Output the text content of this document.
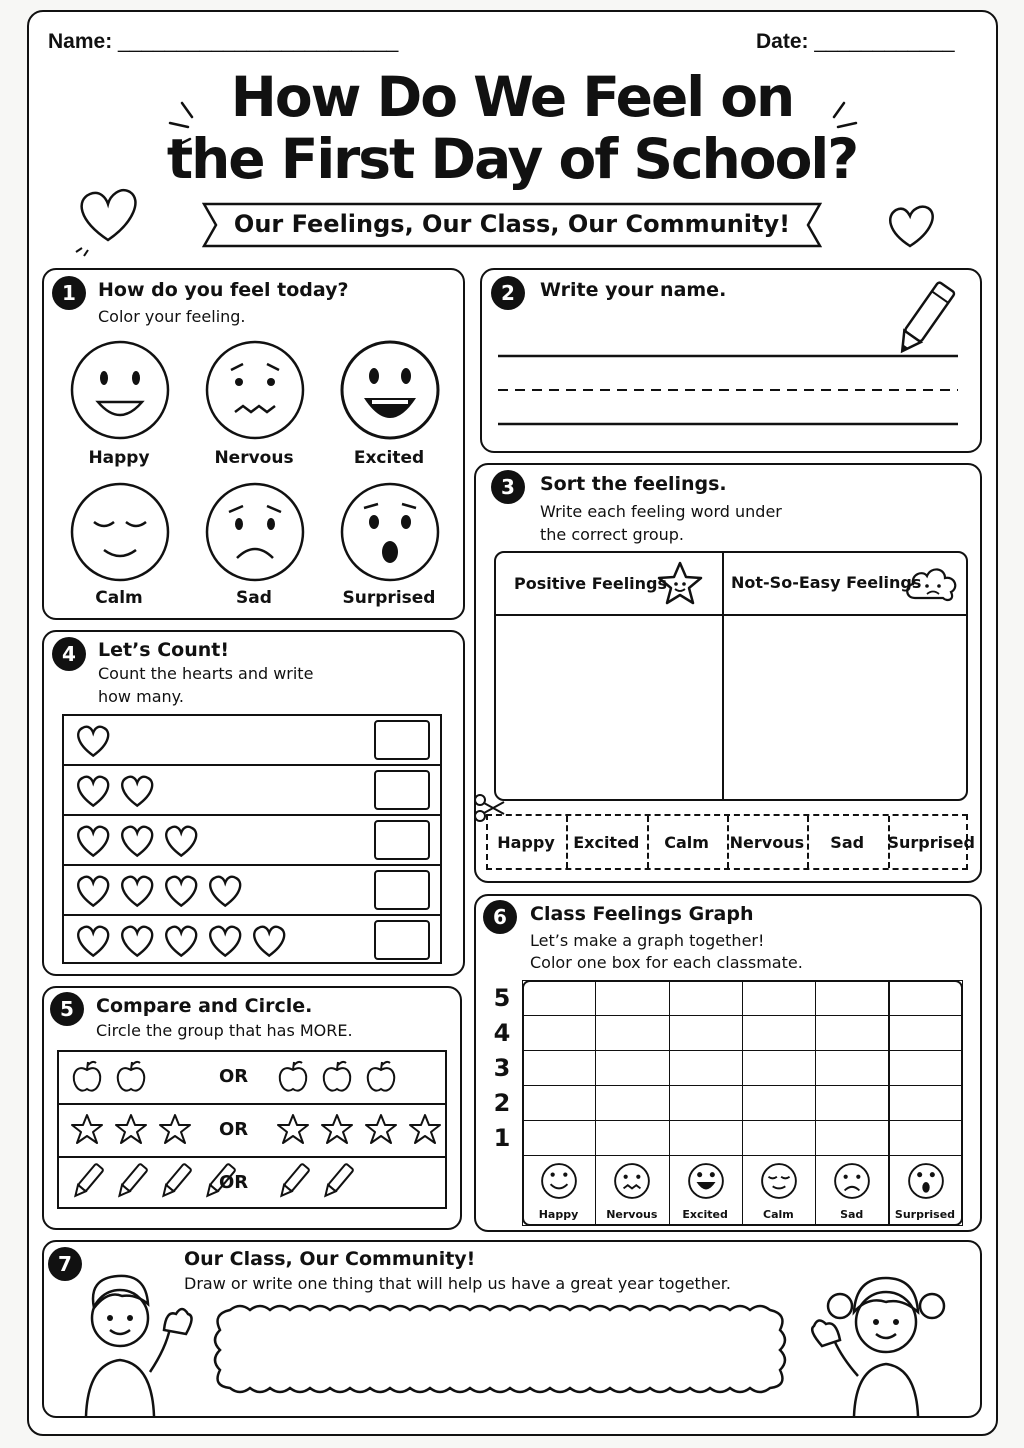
Name: ________________________	Date: ____________
How Do We Feel on
the First Day of School?
Our Feelings, Our Class, Our Community!
1	How do you feel today?
Color your feeling.
Happy	Nervous	Excited
Calm	Sad	Surprised
2	Write your name.
3	Sort the feelings.
Write each feeling word under
the correct group.
Positive Feelings	Not-So-Easy Feelings
Happy	Excited	Calm	Nervous	Sad	Surprised
4	Let’s Count!
Count the hearts and write
how many.
5	Compare and Circle.
Circle the group that has MORE.
OR
OR
OR
6	Class Feelings Graph
Let’s make a graph together!
Color one box for each classmate.
5
4
3
2
1
Happy	Nervous	Excited	Calm	Sad	Surprised
7	Our Class, Our Community!
Draw or write one thing that will help us have a great year together.
